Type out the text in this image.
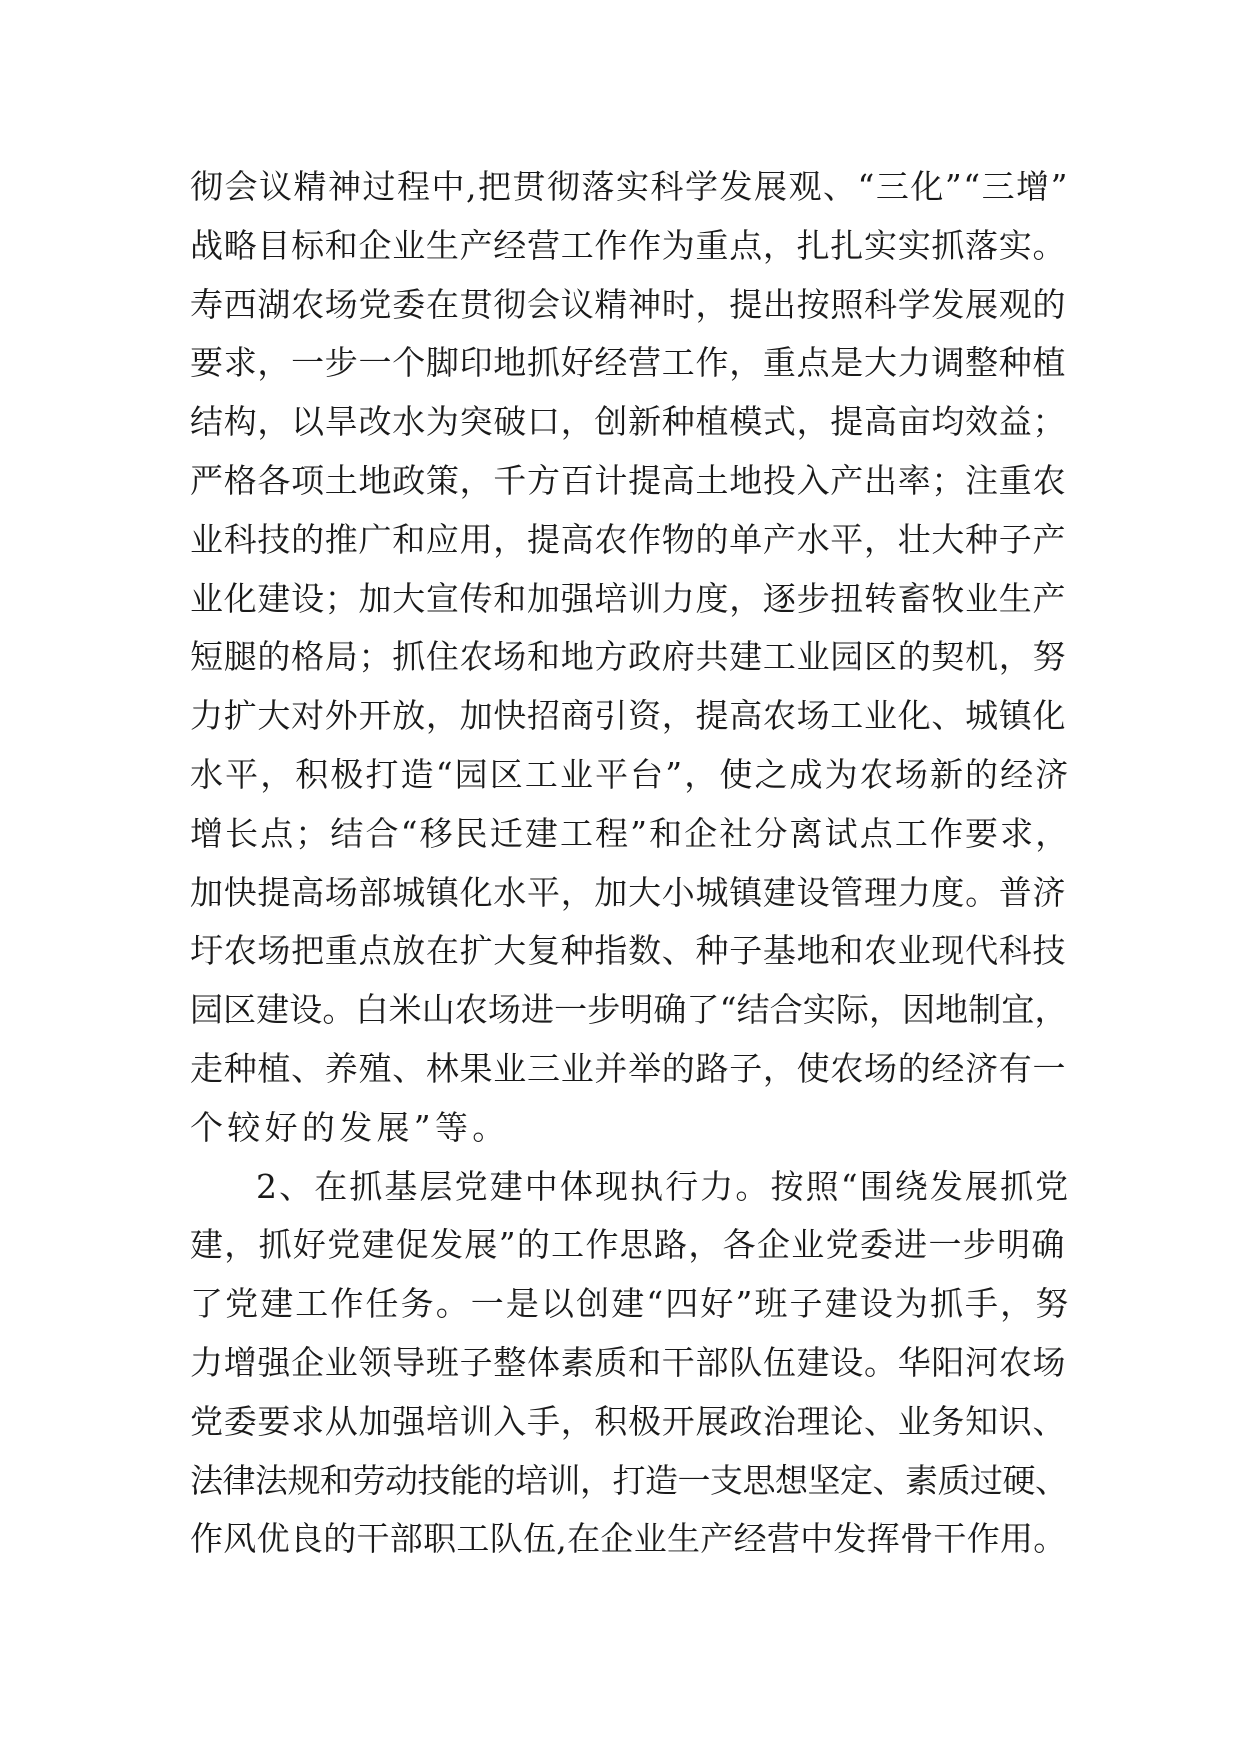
彻会议精神过程中,把贯彻落实科学发展观、“三化”“三增”
战略目标和企业生产经营工作作为重点，扎扎实实抓落实。
寿西湖农场党委在贯彻会议精神时，提出按照科学发展观的
要求，一步一个脚印地抓好经营工作，重点是大力调整种植
结构，以旱改水为突破口，创新种植模式，提高亩均效益；
严格各项土地政策，千方百计提高土地投入产出率；注重农
业科技的推广和应用，提高农作物的单产水平，壮大种子产
业化建设；加大宣传和加强培训力度，逐步扭转畜牧业生产
短腿的格局；抓住农场和地方政府共建工业园区的契机，努
力扩大对外开放，加快招商引资，提高农场工业化、城镇化
水平，积极打造“园区工业平台”，使之成为农场新的经济
增长点；结合“移民迁建工程”和企社分离试点工作要求，
加快提高场部城镇化水平，加大小城镇建设管理力度。普济
圩农场把重点放在扩大复种指数、种子基地和农业现代科技
园区建设。白米山农场进一步明确了“结合实际，因地制宜，
走种植、养殖、林果业三业并举的路子，使农场的经济有一
个较好的发展”等。
2、在抓基层党建中体现执行力。按照“围绕发展抓党
建，抓好党建促发展”的工作思路，各企业党委进一步明确
了党建工作任务。一是以创建“四好”班子建设为抓手，努
力增强企业领导班子整体素质和干部队伍建设。华阳河农场
党委要求从加强培训入手，积极开展政治理论、业务知识、
法律法规和劳动技能的培训，打造一支思想坚定、素质过硬、
作风优良的干部职工队伍,在企业生产经营中发挥骨干作用。
